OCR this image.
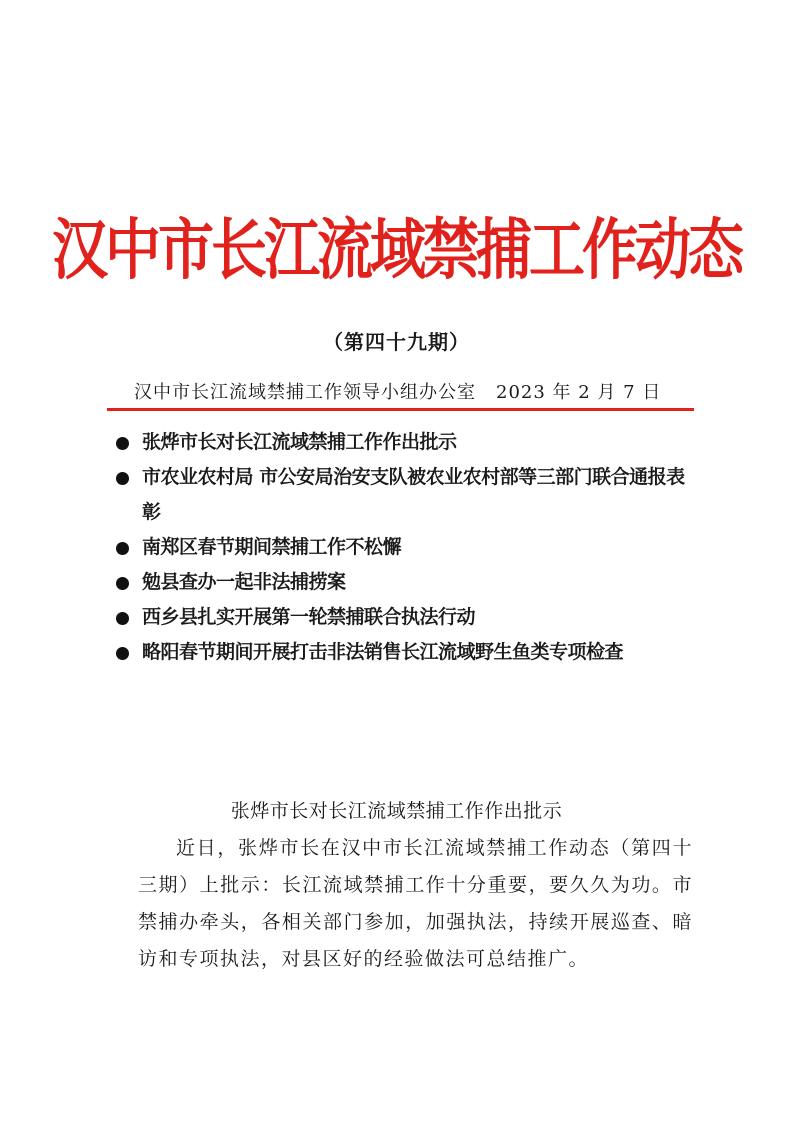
汉中市长江流域禁捕工作动态
（第四十九期）
汉中市长江流域禁捕工作领导小组办公室 2023 年 2 月 7 日
张烨市长对长江流域禁捕工作作出批示
市农业农村局 市公安局治安支队被农业农村部等三部门联合通报表彰
南郑区春节期间禁捕工作不松懈
勉县查办一起非法捕捞案
西乡县扎实开展第一轮禁捕联合执法行动
略阳春节期间开展打击非法销售长江流域野生鱼类专项检查
张烨市长对长江流域禁捕工作作出批示

近日，张烨市长在汉中市长江流域禁捕工作动态（第四十三期）上批示：长江流域禁捕工作十分重要，要久久为功。市禁捕办牵头，各相关部门参加，加强执法，持续开展巡查、暗访和专项执法，对县区好的经验做法可总结推广。
